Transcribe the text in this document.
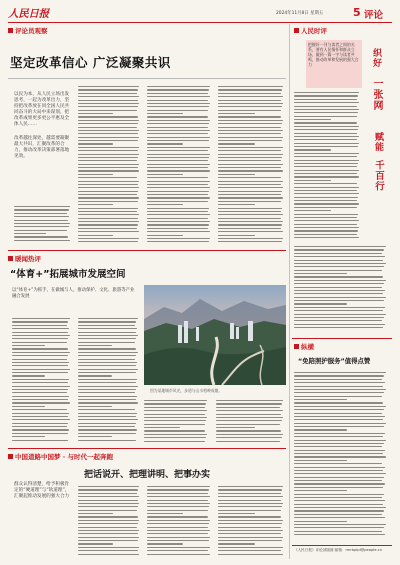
人民日报	2024年11月8日 星期五	5 评论
评论员观察
坚定改革信心 广泛凝聚共识
以民为本，从人民立场出发思考，一起为改革出力，坚持把改革放在同全国人民共同奋斗的大局中来谋划，把改革成果更多更公平惠及全体人民……
改革越往深处，越需要凝聚最大共识，汇聚改革的合力，推动改革决策部署落地见效。
暖闻热评
“体育+”拓展城市发展空间
以“体育+”为抓手，在做城与人、推动保护、文化、旅游等产业融合发展
图为某地城市风光，步道与山水相映成趣。
中国道路中国梦 · 与时代一起奔跑
把话说开、把理讲明、把事办实
群众认得清楚，给予积极肯定的“硬道理”与“软道理”，汇聚起推动发展的强大合力
人民时评
把握好一刊与读者之间的关系，要有人民情怀和群众立场，做到一篇一字与读者共鸣，推动改革和发展的强大合力	织好
一张网
赋能
千百行
纵横
“免陪照护服务”值得点赞
《人民日报》评论部版面 邮箱：rmrbplpl@people.cn
